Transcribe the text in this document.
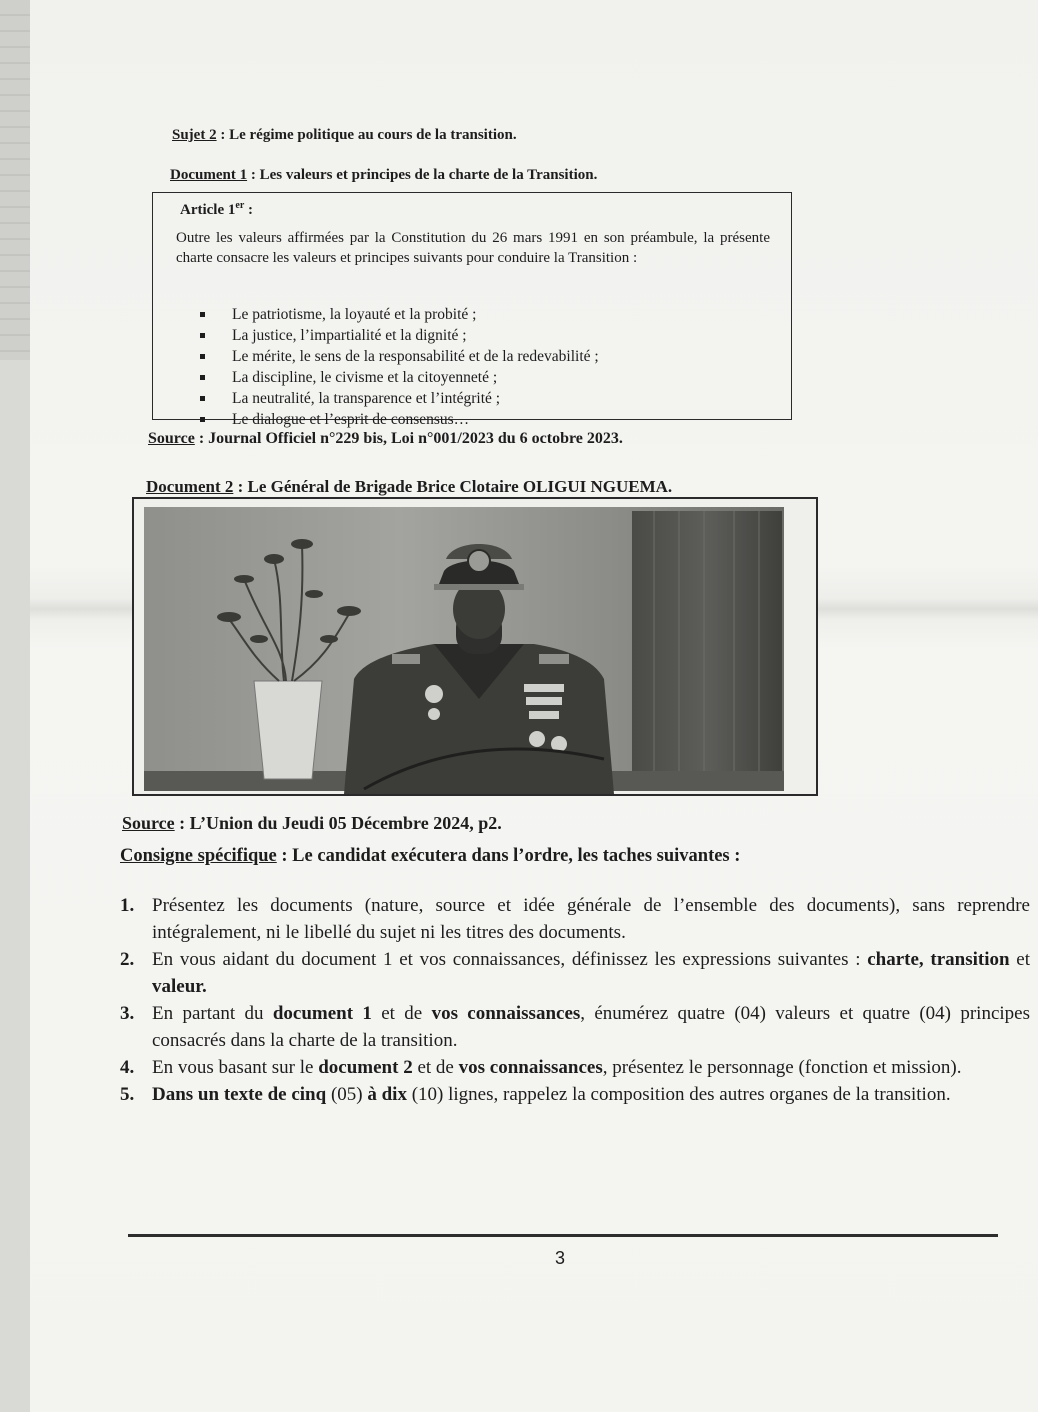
Sujet 2 : Le régime politique au cours de la transition.
Document 1 : Les valeurs et principes de la charte de la Transition.
Article 1er :
Outre les valeurs affirmées par la Constitution du 26 mars 1991 en son préambule, la présente charte consacre les valeurs et principes suivants pour conduire la Transition :
Le patriotisme, la loyauté et la probité ;
La justice, l’impartialité et la dignité ;
Le mérite, le sens de la responsabilité et de la redevabilité ;
La discipline, le civisme et la citoyenneté ;
La neutralité, la transparence et l’intégrité ;
Le dialogue et l’esprit de consensus…
Source : Journal Officiel n°229 bis, Loi n°001/2023 du 6 octobre 2023.
Document 2 : Le Général de Brigade Brice Clotaire OLIGUI NGUEMA.
Source : L’Union du Jeudi 05 Décembre 2024, p2.
Consigne spécifique : Le candidat exécutera dans l’ordre, les taches suivantes :
1. Présentez les documents (nature, source et idée générale de l’ensemble des documents), sans reprendre intégralement, ni le libellé du sujet ni les titres des documents.
2. En vous aidant du document 1 et vos connaissances, définissez les expressions suivantes : charte, transition et valeur.
3. En partant du document 1 et de vos connaissances, énumérez quatre (04) valeurs et quatre (04) principes consacrés dans la charte de la transition.
4. En vous basant sur le document 2 et de vos connaissances, présentez le personnage (fonction et mission).
5. Dans un texte de cinq (05) à dix (10) lignes, rappelez la composition des autres organes de la transition.
3
